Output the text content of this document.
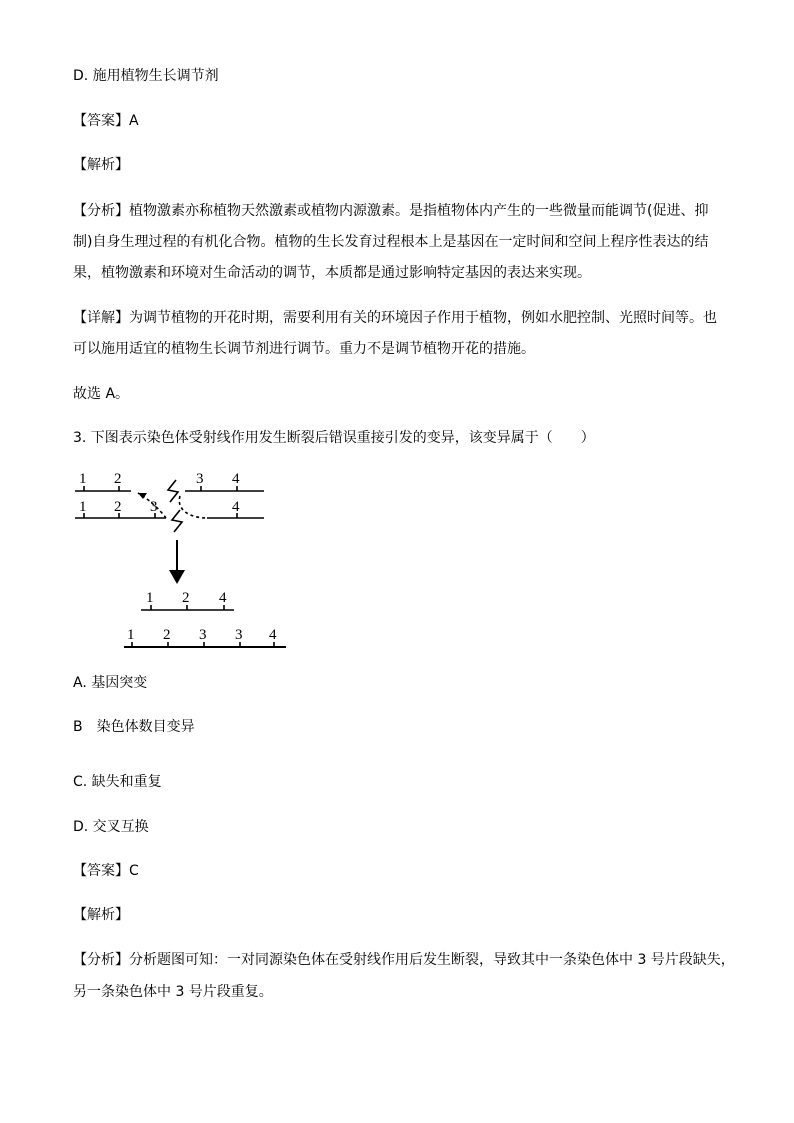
D. 施用植物生长调节剂
【答案】A
【解析】
【分析】植物激素亦称植物天然激素或植物内源激素。是指植物体内产生的一些微量而能调节(促进、抑
制)自身生理过程的有机化合物。植物的生长发育过程根本上是基因在一定时间和空间上程序性表达的结
果，植物激素和环境对生命活动的调节，本质都是通过影响特定基因的表达来实现。
【详解】为调节植物的开花时期，需要利用有关的环境因子作用于植物，例如水肥控制、光照时间等。也
可以施用适宜的植物生长调节剂进行调节。重力不是调节植物开花的措施。
故选 A。
3. 下图表示染色体受射线作用发生断裂后错误重接引发的变异，该变异属于（　　）
1 2	3 4
1 2 3	4
1 2 4
1 2 3 3 4
A. 基因突变
B　染色体数目变异
C. 缺失和重复
D. 交叉互换
【答案】C
【解析】
【分析】分析题图可知：一对同源染色体在受射线作用后发生断裂，导致其中一条染色体中 3 号片段缺失，
另一条染色体中 3 号片段重复。
